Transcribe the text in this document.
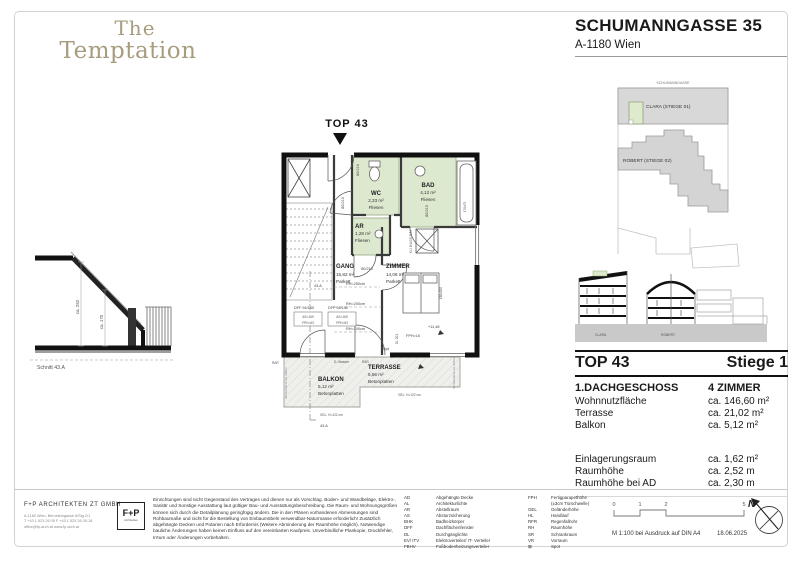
The
Temptation
SCHUMANNGASSE 35
A-1180 Wien
SCHUMANNGASSE
CLARA (STIEGE 01)
ROBERT (STIEGE 02)
CLARA	ROBERT
TOP 43	Stiege 1
1.DACHGESCHOSS	4 ZIMMER
Wohnnutzfläche	ca. 146,60 m²
Terrasse	ca. 21,02 m²
Balkon	ca. 5,12 m²
Einlagerungsraum	ca. 1,62 m²
Raumhöhe	ca. 2,52 m
Raumhöhe bei AD	ca. 2,30 m
TOP 43
WC
2,33 m²
Fliesen
BAD
4,12 m²
Fliesen
AR
1,28 m²
Fliesen
GANG
15,82 m²
Parkett
ZIMMER
14,06 m²
Parkett
TERRASSE
5,56 m²
Betonplatten
BALKON
5,12 m²
Betonplatten
80/210
80/210
80/210
80/210
RH=250cm
RH=200cm
RH=100cm
DFF 94/140	DFF 94/140
AS=169
FPH=63
AS=169
FPH=63
43.A
43.A
170x75
180x200
KLIMAGERÄT
DL 201 FPH=16
+11,48
Rigol
D.-Wasser
RAR	RAR
GEL. H=122 cm
GEL. H=122 cm
Sichtschutz H=ca. 206cm	Sichtschutz H=ca. 207cm
ca. 252
ca. 170
Schnitt 43.A
F+P ARCHITEKTEN ZT GMBH
A-1160 Wien, Bernsteingasse 6/Stg 2/1
T +43 1 523 26 05 F +43 1 523 26 05-18
office@fp-arch.at www.fp-arch.at
F+P
Architekten
Einrichtungen sind nicht Gegenstand des Vertrages und dienen nur als Vorschlag. Boden- und Wandbeläge, Elektro-, Sanitär und Sonstige Ausstattung laut gültiger Bau- und Ausstattungsbeschreibung. Die Raum- und Wohnungsgrößen können sich durch die Detailplanung geringfügig ändern. Die in den Plänen vorhandenen Abmessungen sind Rohbaumaße und nicht für die Bestellung von Einbaumöbeln verwendbar-Naturmasse erforderlich! Zusätzlich abgehängte Decken und Potarien nach Erfordernis (Weitere Abminderung der Raumhöhe möglich). Notwendige bauliche Änderungen haben keinen Einfluss auf den vereinbarten Kaufpreis. Unverbindliche Plankopie, Druckfehler, Irrtum oder Änderungen vorbehalten.
AD	Abgehängte Decke
AL	Architekturlichte
AR	Abstellraum
AS	Absturzsicherung
BHK	Badheizkörper
DFF	Dachflächenfenster
DL	Durchgänglichte
EV/ ITV	Elektroverteiler/ IT- Verteiler
FBHV	Fußbodenheizungsverteiler
FPH	Fertigparapethöhe
(±3cm Türschwelle)
GEL	Geländerhöhe
HL	Handlauf
RFR	Regenfallrohr
RH	Raumhöhe
SR	Schrankraum
VR	Vorraum
⊠	Spot
0	1	2	5
M 1:100 bei Ausdruck auf DIN A4	18.06.2025
N
